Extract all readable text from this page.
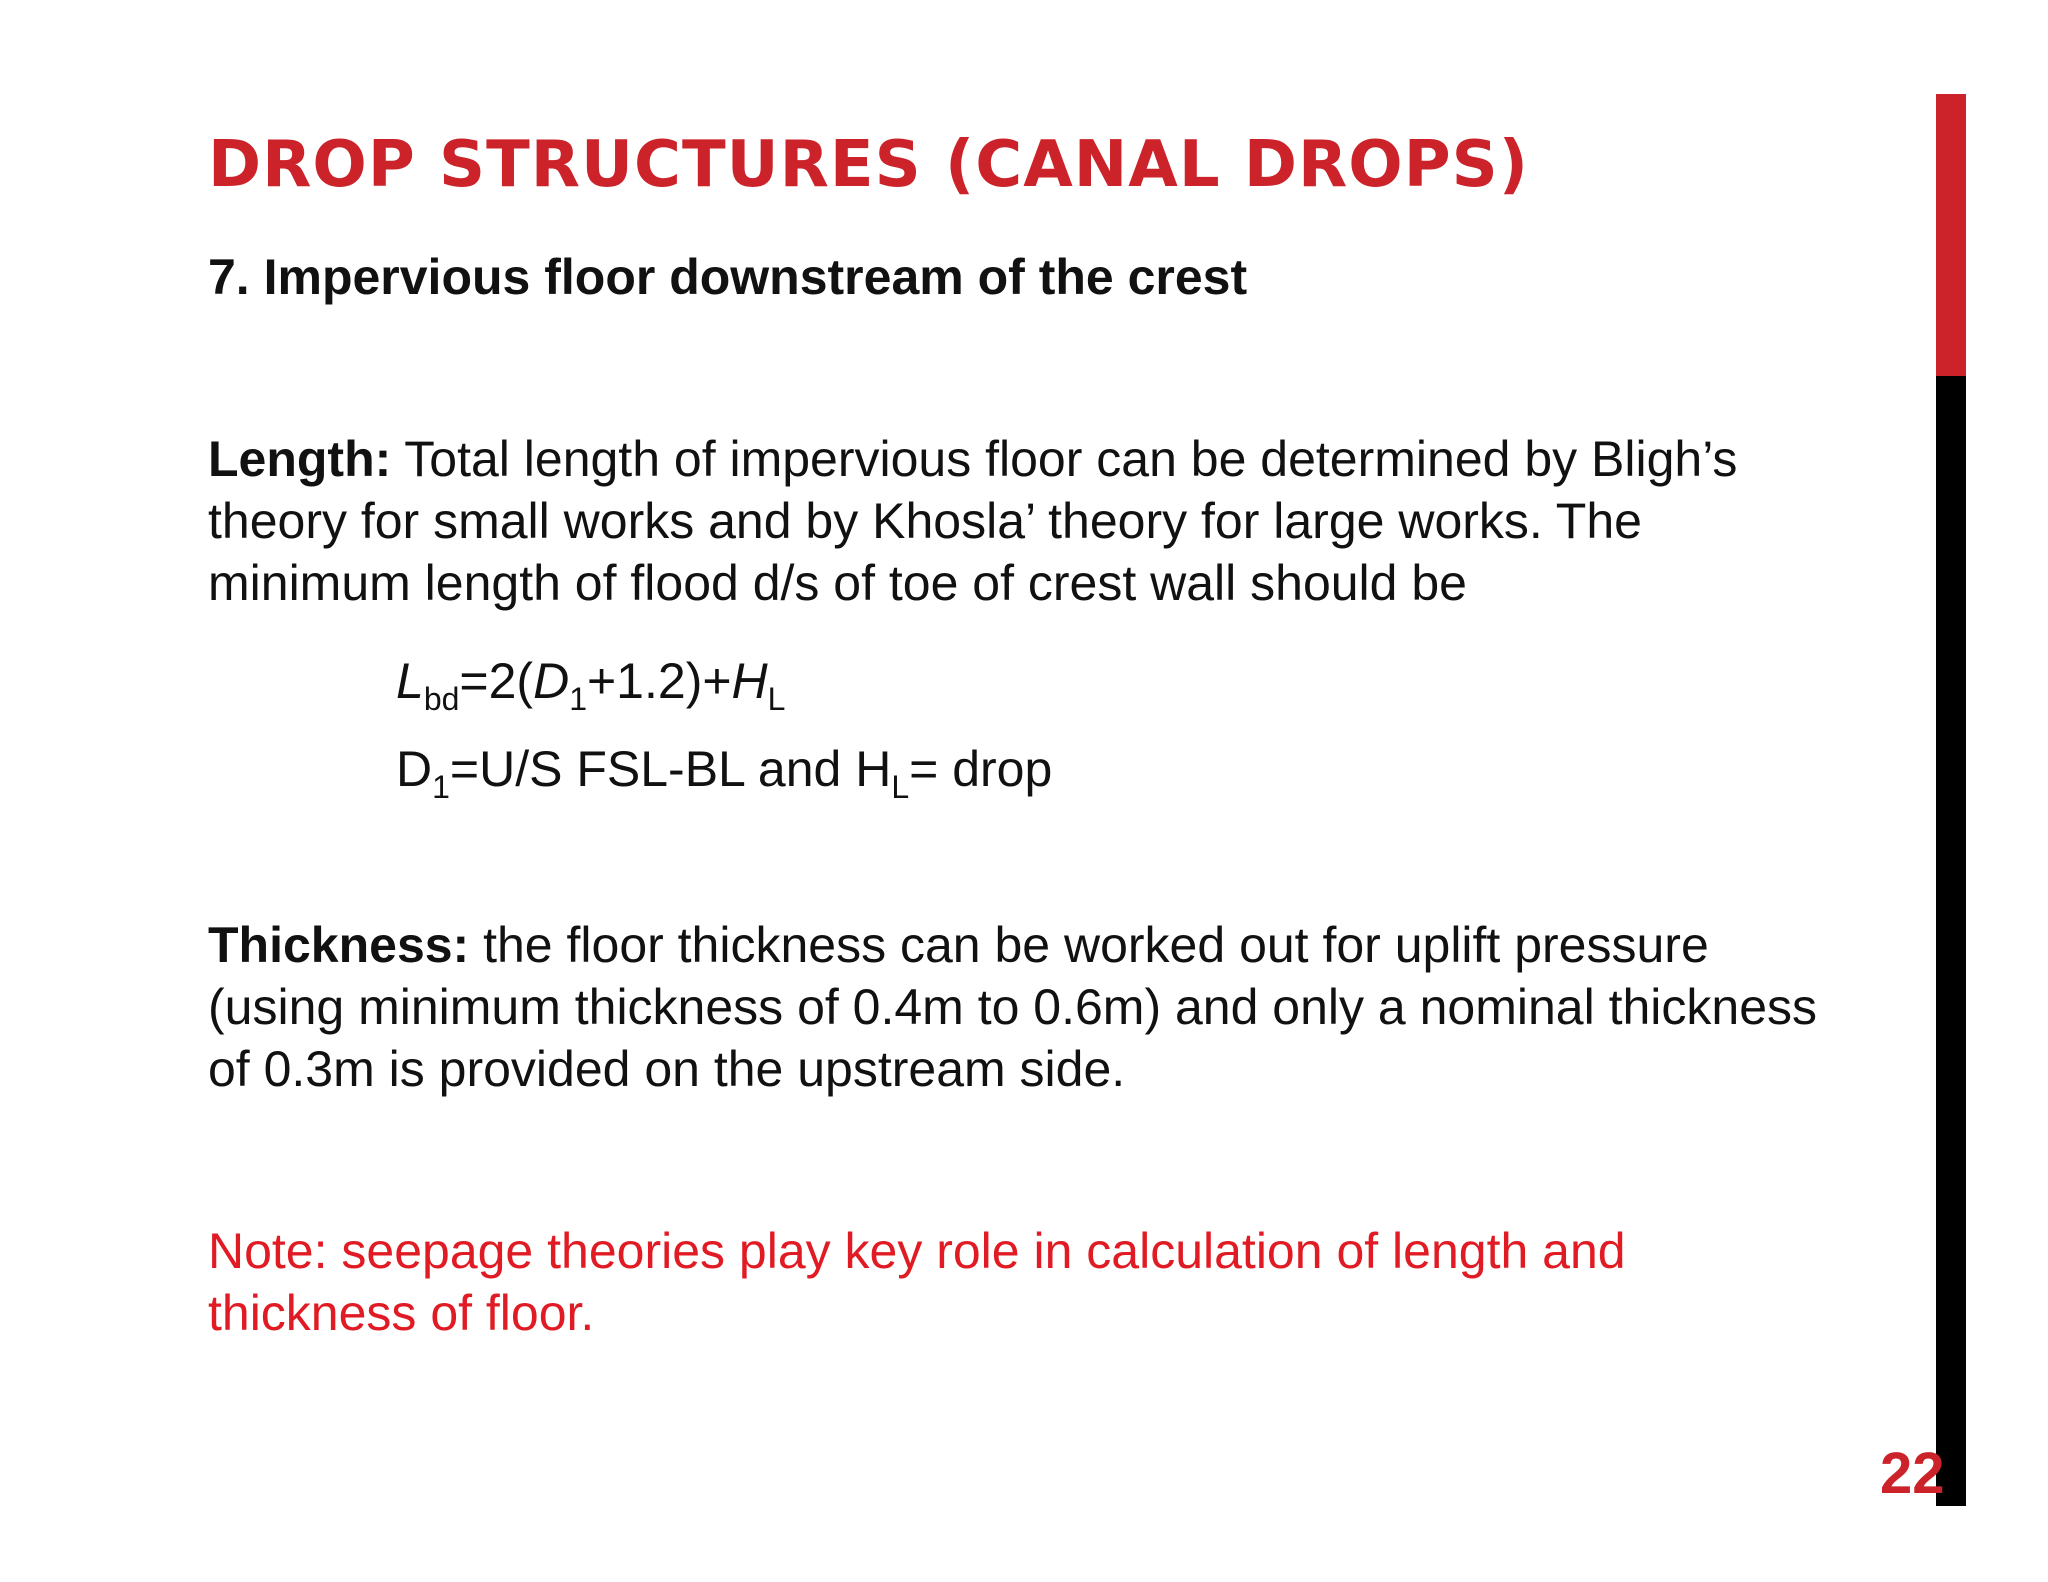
DROP STRUCTURES (CANAL DROPS)
7. Impervious floor downstream of the crest

Length: Total length of impervious floor can be determined by Bligh’s theory for small works and by Khosla’ theory for large works. The minimum length of flood d/s of toe of crest wall should be

$L_{bd}=2(D_1+1.2)+H_L$

$D_1=U/S$ FSL-BL and $H_L=$ drop

Thickness: the floor thickness can be worked out for uplift pressure (using minimum thickness of 0.4m to 0.6m) and only a nominal thickness of 0.3m is provided on the upstream side.

Note: seepage theories play key role in calculation of length and thickness of floor.

22
